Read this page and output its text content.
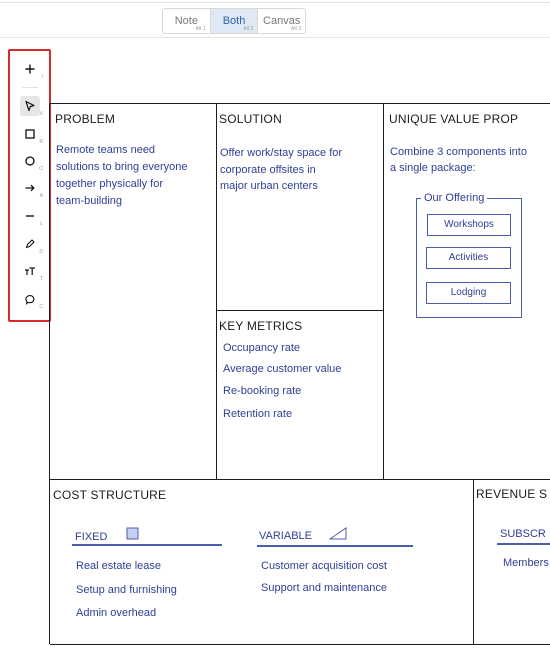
Note
Alt 1
Both
Alt 2
Canvas
Alt 3
/
V
R
O
A
L
D
T
C
PROBLEM
Remote teams need
solutions to bring everyone
together physically for
team-building
SOLUTION
Offer work/stay space for
corporate offsites in
major urban centers
UNIQUE VALUE PROP
Combine 3 components into
a single package:
Our Offering
Workshops
Activities
Lodging
KEY METRICS
Occupancy rate
Average customer value
Re-booking rate
Retention rate
COST STRUCTURE
FIXED
Real estate lease
Setup and furnishing
Admin overhead
VARIABLE
Customer acquisition cost
Support and maintenance
REVENUE S
SUBSCR
Members
